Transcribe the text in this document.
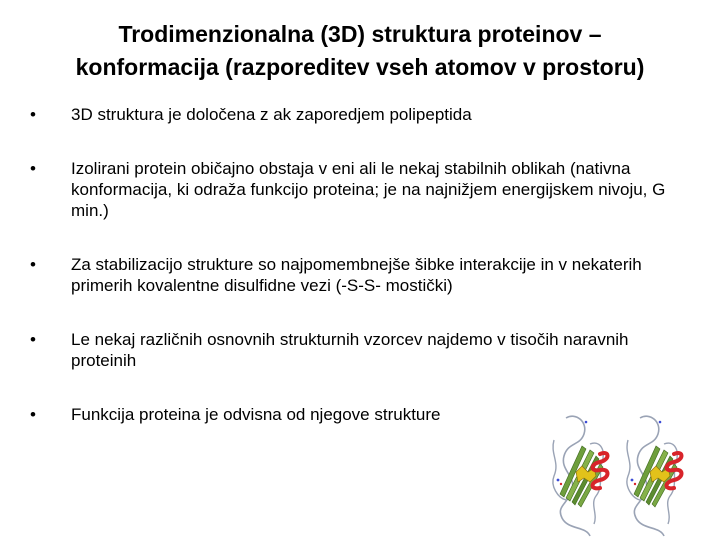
Trodimenzionalna (3D) struktura proteinov –
konformacija (razporeditev vseh atomov v prostoru)
•	3D struktura je določena z ak zaporedjem polipeptida
•	Izolirani protein običajno obstaja v eni ali le nekaj stabilnih oblikah (nativna konformacija, ki odraža funkcijo proteina; je na najnižjem energijskem nivoju, G min.)
•	Za stabilizacijo strukture so najpomembnejše šibke interakcije in v nekaterih primerih kovalentne disulfidne vezi (-S-S- mostički)
•	Le nekaj različnih osnovnih strukturnih vzorcev najdemo v tisočih naravnih proteinih
•	Funkcija proteina je odvisna od njegove strukture
